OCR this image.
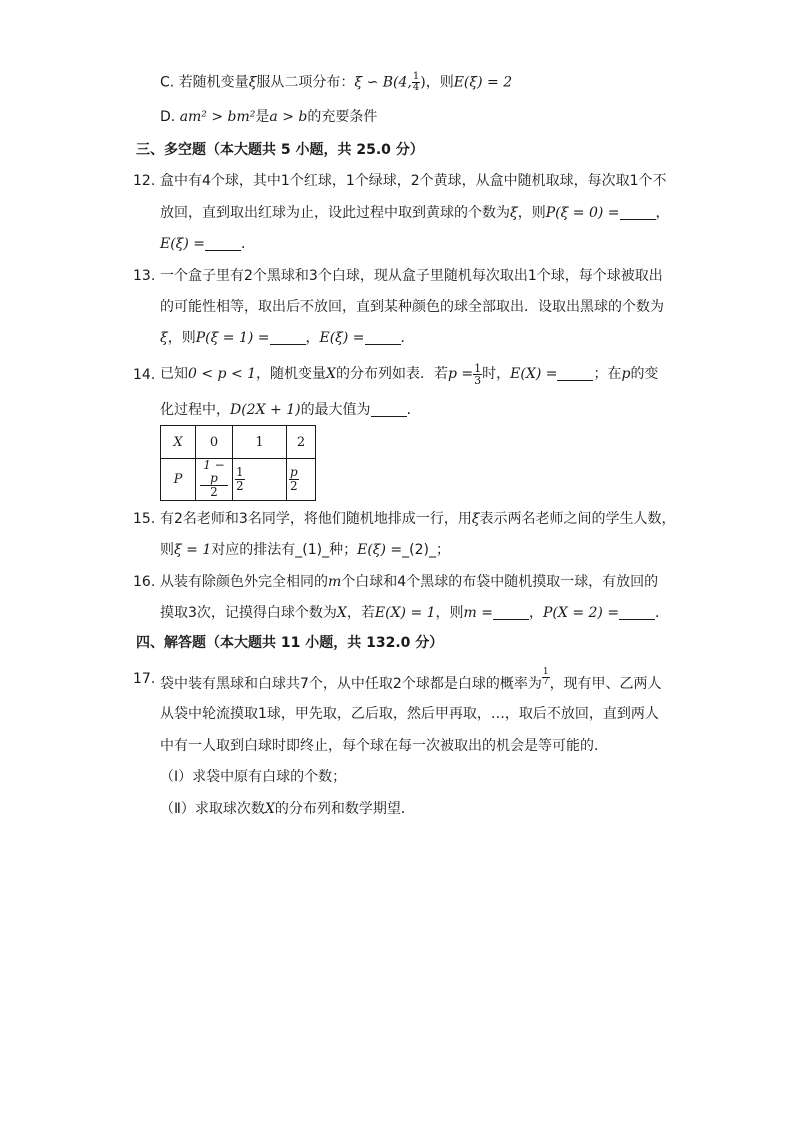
C. 若随机变量ξ服从二项分布：ξ ∽ B(4, $\frac{1}{4}$ )，则E(ξ) = 2
D. am² > bm²是a > b的充要条件
三、多空题（本大题共 5 小题，共 25.0 分）
12. 盒中有4个球，其中1个红球，1个绿球，2个黄球，从盒中随机取球，每次取1个不
放回，直到取出红球为止，设此过程中取到黄球的个数为ξ，则P(ξ = 0) =	，
E(ξ) =	．
13. 一个盒子里有2个黑球和3个白球，现从盒子里随机每次取出1个球，每个球被取出
的可能性相等，取出后不放回，直到某种颜色的球全部取出．设取出黑球的个数为
ξ，则P(ξ = 1) =	，E(ξ) =	．
14. 已知0 < p < 1，随机变量X的分布列如表．若$p = \frac{1}{3}$ 时，E(X) =	；在p的变
化过程中，D(2X + 1)的最大值为	．
X	0	1	2
P	$\frac{1 - p}{2}$	$\frac{1}{2}$	$\frac{p}{2}$
15. 有2名老师和3名同学，将他们随机地排成一行，用ξ表示两名老师之间的学生人数，
则ξ = 1对应的排法有_(1)_种；E(ξ) =_(2)_；
16. 从装有除颜色外完全相同的m个白球和4个黑球的布袋中随机摸取一球，有放回的
摸取3次，记摸得白球个数为X，若E(X) = 1，则m =	，P(X = 2) =	．
四、解答题（本大题共 11 小题，共 132.0 分）
17. 袋中装有黑球和白球共7个，从中任取2个球都是白球的概率为 $\frac{1}{7}$ ，现有甲、乙两人
从袋中轮流摸取1球，甲先取，乙后取，然后甲再取，…，取后不放回，直到两人
中有一人取到白球时即终止，每个球在每一次被取出的机会是等可能的．
（Ⅰ）求袋中原有白球的个数；
（Ⅱ）求取球次数X的分布列和数学期望．
